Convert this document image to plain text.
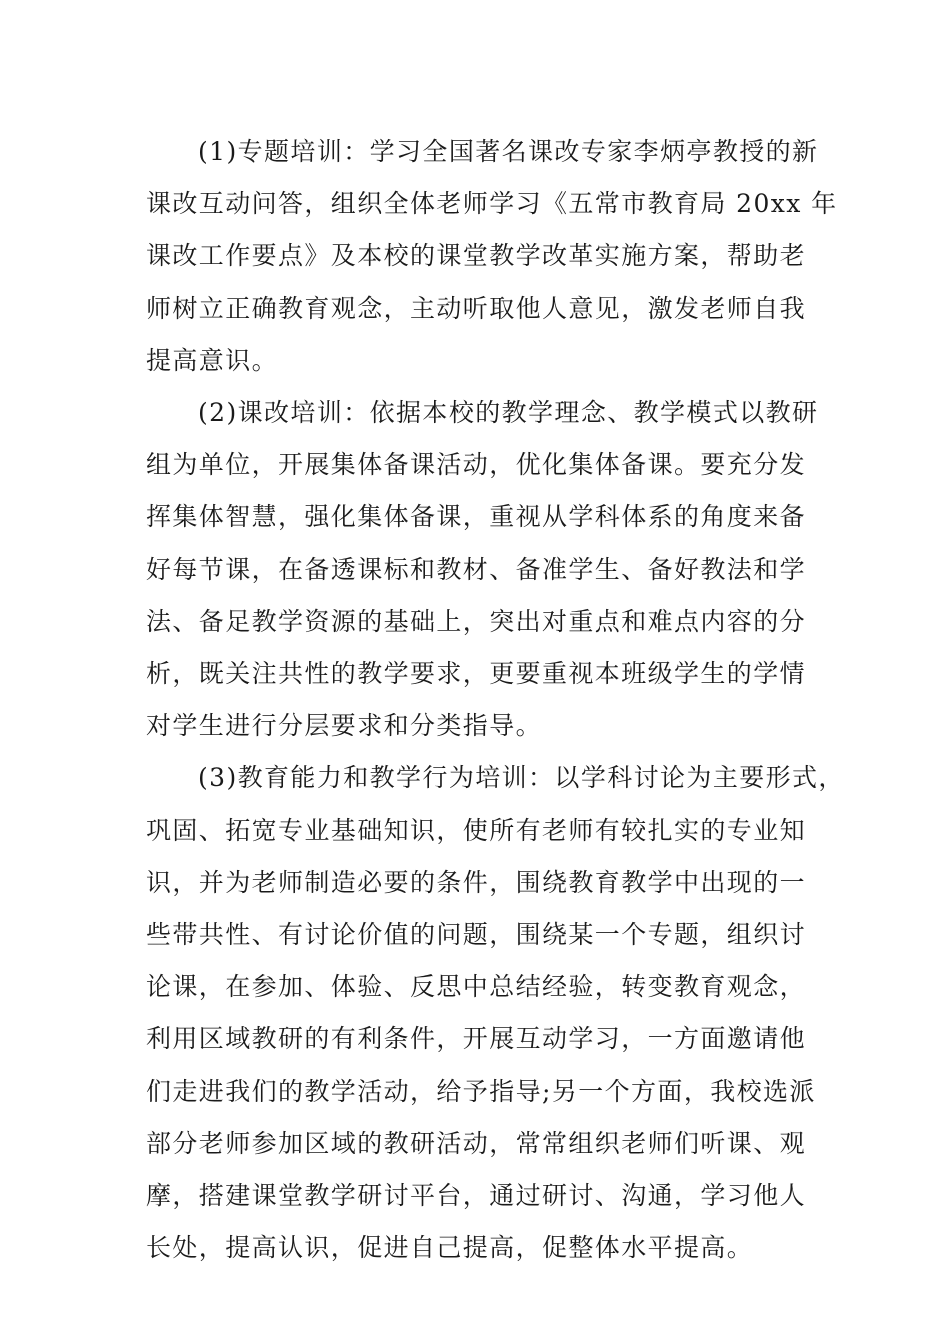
(1)专题培训：学习全国著名课改专家李炳亭教授的新
课改互动问答，组织全体老师学习《五常市教育局 20xx 年
课改工作要点》及本校的课堂教学改革实施方案，帮助老
师树立正确教育观念，主动听取他人意见，激发老师自我
提高意识。
(2)课改培训：依据本校的教学理念、教学模式以教研
组为单位，开展集体备课活动，优化集体备课。要充分发
挥集体智慧，强化集体备课，重视从学科体系的角度来备
好每节课，在备透课标和教材、备准学生、备好教法和学
法、备足教学资源的基础上，突出对重点和难点内容的分
析，既关注共性的教学要求，更要重视本班级学生的学情
对学生进行分层要求和分类指导。
(3)教育能力和教学行为培训：以学科讨论为主要形式，
巩固、拓宽专业基础知识，使所有老师有较扎实的专业知
识，并为老师制造必要的条件，围绕教育教学中出现的一
些带共性、有讨论价值的问题，围绕某一个专题，组织讨
论课，在参加、体验、反思中总结经验，转变教育观念，
利用区域教研的有利条件，开展互动学习，一方面邀请他
们走进我们的教学活动，给予指导;另一个方面，我校选派
部分老师参加区域的教研活动，常常组织老师们听课、观
摩，搭建课堂教学研讨平台，通过研讨、沟通，学习他人
长处，提高认识，促进自己提高，促整体水平提高。
